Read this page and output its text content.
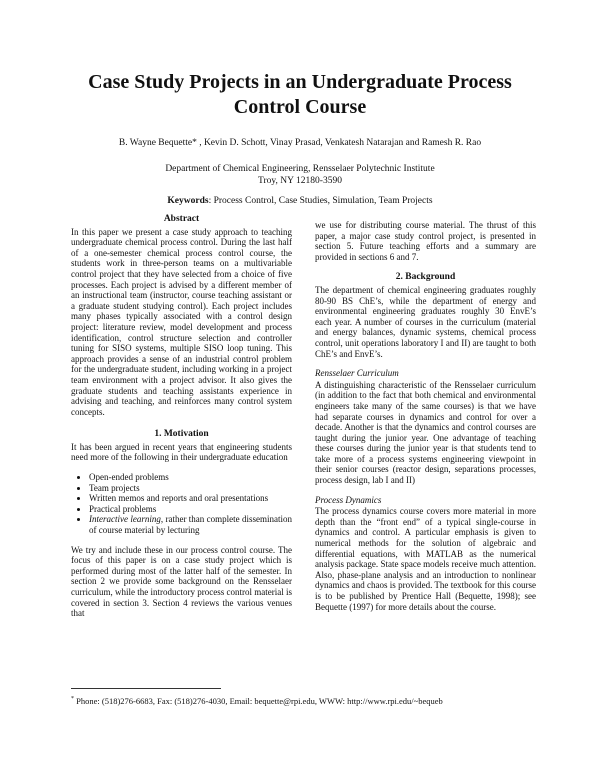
Case Study Projects in an Undergraduate Process Control Course
B. Wayne Bequette* , Kevin D. Schott, Vinay Prasad, Venkatesh Natarajan and Ramesh R. Rao
Department of Chemical Engineering, Rensselaer Polytechnic Institute
Troy, NY 12180-3590
Keywords: Process Control, Case Studies, Simulation, Team Projects
Abstract

In this paper we present a case study approach to teaching undergraduate chemical process control. During the last half of a one-semester chemical process control course, the students work in three-person teams on a multivariable control project that they have selected from a choice of five processes. Each project is advised by a different member of an instructional team (instructor, course teaching assistant or a graduate student studying control). Each project includes many phases typically associated with a control design project: literature review, model development and process identification, control structure selection and controller tuning for SISO systems, multiple SISO loop tuning. This approach provides a sense of an industrial control problem for the undergraduate student, including working in a project team environment with a project advisor. It also gives the graduate students and teaching assistants experience in advising and teaching, and reinforces many control system concepts.

1. Motivation

It has been argued in recent years that engineering students need more of the following in their undergraduate education

• Open-ended problems
• Team projects
• Written memos and reports and oral presentations
• Practical problems
• Interactive learning, rather than complete dissemination of course material by lecturing

We try and include these in our process control course. The focus of this paper is on a case study project which is performed during most of the latter half of the semester. In section 2 we provide some background on the Rensselaer curriculum, while the introductory process control material is covered in section 3. Section 4 reviews the various venues that

we use for distributing course material. The thrust of this paper, a major case study control project, is presented in section 5. Future teaching efforts and a summary are provided in sections 6 and 7.

2. Background

The department of chemical engineering graduates roughly 80-90 BS ChE’s, while the department of energy and environmental engineering graduates roughly 30 EnvE’s each year. A number of courses in the curriculum (material and energy balances, dynamic systems, chemical process control, unit operations laboratory I and II) are taught to both ChE’s and EnvE’s.

Rensselaer Curriculum

A distinguishing characteristic of the Rensselaer curriculum (in addition to the fact that both chemical and environmental engineers take many of the same courses) is that we have had separate courses in dynamics and control for over a decade. Another is that the dynamics and control courses are taught during the junior year. One advantage of teaching these courses during the junior year is that students tend to take more of a process systems engineering viewpoint in their senior courses (reactor design, separations processes, process design, lab I and II)

Process Dynamics

The process dynamics course covers more material in more depth than the “front end” of a typical single-course in dynamics and control. A particular emphasis is given to numerical methods for the solution of algebraic and differential equations, with MATLAB as the numerical analysis package. State space models receive much attention. Also, phase-plane analysis and an introduction to nonlinear dynamics and chaos is provided. The textbook for this course is to be published by Prentice Hall (Bequette, 1998); see Bequette (1997) for more details about the course.

* Phone: (518)276-6683, Fax: (518)276-4030, Email: bequette@rpi.edu, WWW: http://www.rpi.edu/~bequeb
